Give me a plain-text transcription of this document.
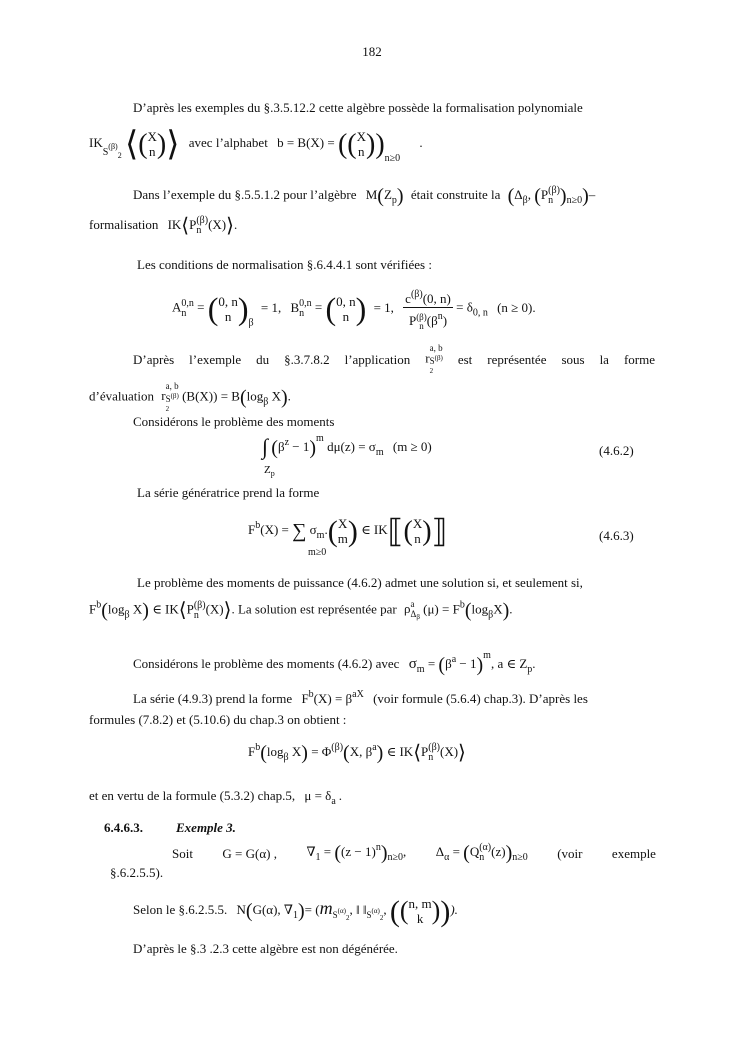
182
D’après les exemples du §.3.5.12.2 cette algèbre possède la formalisation polynomiale
$IK_{S^{(\beta)}_2}$ ⟨( X
n )⟩ avec l’alphabet b = B(X) = (( X
n ))$_{n\ge 0}$ .
Dans l’exemple du §.5.5.1.2 pour l’algèbre $M(Z_p)$ était construite la ($\Delta_\beta$, (P (β)
n )$_{n\ge 0})-$
formalisation IK⟨P (β)
n (X)⟩.
Les conditions de normalisation §.6.4.4.1 sont vérifiées :
A 0,n
n = ( 0, n
n )$_\beta = 1$, B 0,n
n = ( 0, n
n ) = 1, $c^{(\beta)}(0$, n)
P (β)
n $(\beta^n) = \delta_{0, n}$ (n ≥ 0).
D’après l’exemple du §.3.7.8.2 l’application r
a, b
$S^{(\beta)}$
2
est représentée sous la forme
d’évaluation r
a, b
$S^{(\beta)}$
2
$(B(X)) = B(\log_\beta$ X).
Considérons le problème des moments
∫ $(\beta^z - 1)^m$ $d\mu(z) = \sigma_m$ (m ≥ 0)
$Z_p$
(4.6.2)
La série génératrice prend la forme
$F^b(X)$ = ∑ $\sigma_m$.( X
m ) ∈ IK⟦( X
n )⟧
m≥0
(4.6.3)
Le problème des moments de puissance (4.6.2) admet une solution si, et seulement si,
$F^b(\log_\beta$ X) ∈ IK⟨P (β)
n (X)⟩. La solution est représentée par ρ a
$\Delta_\beta$
$(\mu) = F^b(\log_\beta X)$.
Considérons le problème des moments (4.6.2) avec $\sigma_m = (\beta^a - 1)^m$, a ∈ $Z_p$.
La série (4.9.3) prend la forme $F^b(X) = \beta^{aX}$ (voir formule (5.6.4) chap.3). D’après les
formules (7.8.2) et (5.10.6) du chap.3 on obtient :
$F^b(\log_\beta$ $X) = \Phi^{(\beta)}(X$, $\beta^a$) ∈ IK⟨P (β)
n (X)⟩
et en vertu de la formule (5.3.2) chap.5, $\mu = \delta_a$ .
6.4.6.3.	Exemple 3.
Soit G = G(α) , $\nabla_1 = ((z - 1)^n)_{n\ge 0}$, $\Delta_\alpha = (Q$ (α)
n $(z))_{n\ge 0}$ (voir exemple
§.6.2.5.5).
Selon le §.6.2.5.5. N(G(α), $\nabla_1)= (m_{S^{(\alpha)}_2}$, ‖ $‖_{S^{(\alpha)}_2}$, (( n, m
k ))).
D’après le §.3 .2.3 cette algèbre est non dégénérée.
